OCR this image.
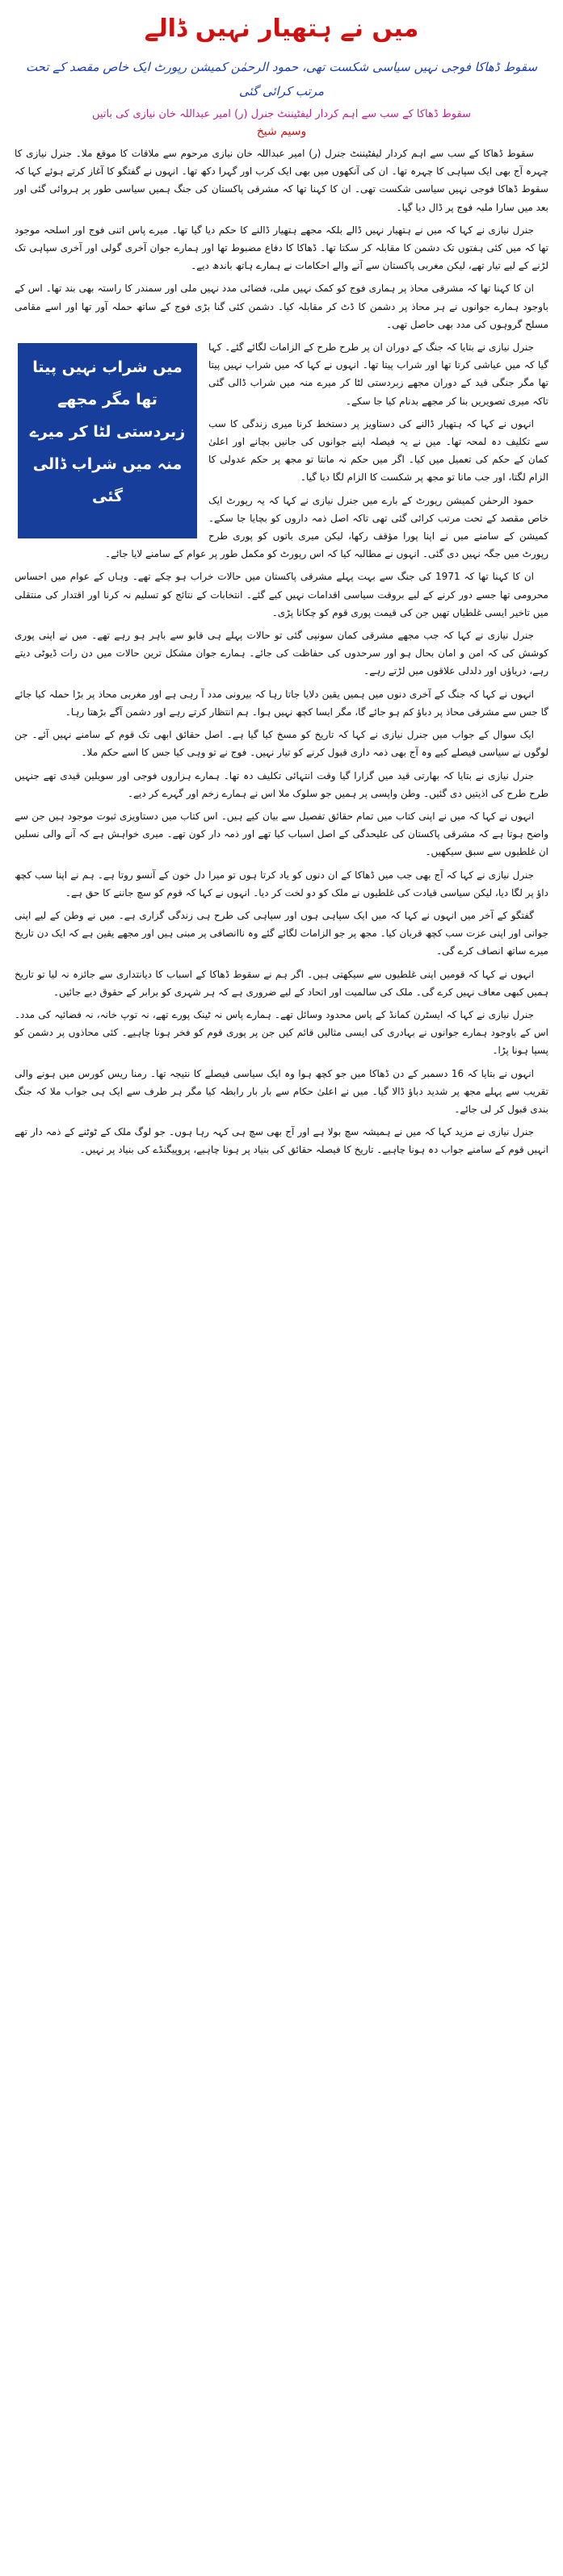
میں نے ہتھیار نہیں ڈالے
سقوط ڈھاکا فوجی نہیں سیاسی شکست تھی، حمود الرحمٰن کمیشن رپورٹ ایک خاص مقصد کے تحت مرتب کرائی گئی
سقوط ڈھاکا کے سب سے اہم کردار لیفٹیننٹ جنرل (ر) امیر عبداللہ خان نیازی کی باتیں
وسیم شیخ

سقوط ڈھاکا کے سب سے اہم کردار لیفٹیننٹ جنرل (ر) امیر عبداللہ خان نیازی مرحوم سے ملاقات کا موقع ملا۔ جنرل نیازی کا چہرہ آج بھی ایک سپاہی کا چہرہ تھا۔ ان کی آنکھوں میں بھی ایک کرب اور گہرا دکھ تھا۔ انہوں نے گفتگو کا آغاز کرتے ہوئے کہا کہ سقوط ڈھاکا فوجی نہیں سیاسی شکست تھی۔ ان کا کہنا تھا کہ مشرقی پاکستان کی جنگ ہمیں سیاسی طور پر ہروائی گئی اور بعد میں سارا ملبہ فوج پر ڈال دیا گیا۔

جنرل نیازی نے کہا کہ میں نے ہتھیار نہیں ڈالے بلکہ مجھے ہتھیار ڈالنے کا حکم دیا گیا تھا۔ میرے پاس اتنی فوج اور اسلحہ موجود تھا کہ میں کئی ہفتوں تک دشمن کا مقابلہ کر سکتا تھا۔ ڈھاکا کا دفاع مضبوط تھا اور ہمارے جوان آخری گولی اور آخری سپاہی تک لڑنے کے لیے تیار تھے، لیکن مغربی پاکستان سے آنے والے احکامات نے ہمارے ہاتھ باندھ دیے۔

ان کا کہنا تھا کہ مشرقی محاذ پر ہماری فوج کو کمک نہیں ملی، فضائی مدد نہیں ملی اور سمندر کا راستہ بھی بند تھا۔ اس کے باوجود ہمارے جوانوں نے ہر محاذ پر دشمن کا ڈٹ کر مقابلہ کیا۔ دشمن کئی گنا بڑی فوج کے ساتھ حملہ آور تھا اور اسے مقامی مسلح گروہوں کی مدد بھی حاصل تھی۔

میں شراب نہیں پیتا تھا مگر مجھے زبردستی لٹا کر میرے منہ میں شراب ڈالی گئی

جنرل نیازی نے بتایا کہ جنگ کے دوران ان پر طرح طرح کے الزامات لگائے گئے۔ کہا گیا کہ میں عیاشی کرتا تھا اور شراب پیتا تھا۔ انہوں نے کہا کہ میں شراب نہیں پیتا تھا مگر جنگی قید کے دوران مجھے زبردستی لٹا کر میرے منہ میں شراب ڈالی گئی تاکہ میری تصویریں بنا کر مجھے بدنام کیا جا سکے۔

انہوں نے کہا کہ ہتھیار ڈالنے کی دستاویز پر دستخط کرنا میری زندگی کا سب سے تکلیف دہ لمحہ تھا۔ میں نے یہ فیصلہ اپنے جوانوں کی جانیں بچانے اور اعلیٰ کمان کے حکم کی تعمیل میں کیا۔ اگر میں حکم نہ مانتا تو مجھ پر حکم عدولی کا الزام لگتا، اور جب مانا تو مجھ پر شکست کا الزام لگا دیا گیا۔

حمود الرحمٰن کمیشن رپورٹ کے بارے میں جنرل نیازی نے کہا کہ یہ رپورٹ ایک خاص مقصد کے تحت مرتب کرائی گئی تھی تاکہ اصل ذمہ داروں کو بچایا جا سکے۔ کمیشن کے سامنے میں نے اپنا پورا مؤقف رکھا، لیکن میری باتوں کو پوری طرح رپورٹ میں جگہ نہیں دی گئی۔ انہوں نے مطالبہ کیا کہ اس رپورٹ کو مکمل طور پر عوام کے سامنے لایا جائے۔

ان کا کہنا تھا کہ 1971 کی جنگ سے بہت پہلے مشرقی پاکستان میں حالات خراب ہو چکے تھے۔ وہاں کے عوام میں احساس محرومی تھا جسے دور کرنے کے لیے بروقت سیاسی اقدامات نہیں کیے گئے۔ انتخابات کے نتائج کو تسلیم نہ کرنا اور اقتدار کی منتقلی میں تاخیر ایسی غلطیاں تھیں جن کی قیمت پوری قوم کو چکانا پڑی۔

جنرل نیازی نے کہا کہ جب مجھے مشرقی کمان سونپی گئی تو حالات پہلے ہی قابو سے باہر ہو رہے تھے۔ میں نے اپنی پوری کوشش کی کہ امن و امان بحال ہو اور سرحدوں کی حفاظت کی جائے۔ ہمارے جوان مشکل ترین حالات میں دن رات ڈیوٹی دیتے رہے، دریاؤں اور دلدلی علاقوں میں لڑتے رہے۔

انہوں نے کہا کہ جنگ کے آخری دنوں میں ہمیں یقین دلایا جاتا رہا کہ بیرونی مدد آ رہی ہے اور مغربی محاذ پر بڑا حملہ کیا جائے گا جس سے مشرقی محاذ پر دباؤ کم ہو جائے گا، مگر ایسا کچھ نہیں ہوا۔ ہم انتظار کرتے رہے اور دشمن آگے بڑھتا رہا۔

ایک سوال کے جواب میں جنرل نیازی نے کہا کہ تاریخ کو مسخ کیا گیا ہے۔ اصل حقائق ابھی تک قوم کے سامنے نہیں آئے۔ جن لوگوں نے سیاسی فیصلے کیے وہ آج بھی ذمہ داری قبول کرنے کو تیار نہیں۔ فوج نے تو وہی کیا جس کا اسے حکم ملا۔

جنرل نیازی نے بتایا کہ بھارتی قید میں گزارا گیا وقت انتہائی تکلیف دہ تھا۔ ہمارے ہزاروں فوجی اور سویلین قیدی تھے جنہیں طرح طرح کی اذیتیں دی گئیں۔ وطن واپسی پر ہمیں جو سلوک ملا اس نے ہمارے زخم اور گہرے کر دیے۔

انہوں نے کہا کہ میں نے اپنی کتاب میں تمام حقائق تفصیل سے بیان کیے ہیں۔ اس کتاب میں دستاویزی ثبوت موجود ہیں جن سے واضح ہوتا ہے کہ مشرقی پاکستان کی علیحدگی کے اصل اسباب کیا تھے اور ذمہ دار کون تھے۔ میری خواہش ہے کہ آنے والی نسلیں ان غلطیوں سے سبق سیکھیں۔

جنرل نیازی نے کہا کہ آج بھی جب میں ڈھاکا کے ان دنوں کو یاد کرتا ہوں تو میرا دل خون کے آنسو روتا ہے۔ ہم نے اپنا سب کچھ داؤ پر لگا دیا، لیکن سیاسی قیادت کی غلطیوں نے ملک کو دو لخت کر دیا۔ انہوں نے کہا کہ قوم کو سچ جاننے کا حق ہے۔

گفتگو کے آخر میں انہوں نے کہا کہ میں ایک سپاہی ہوں اور سپاہی کی طرح ہی زندگی گزاری ہے۔ میں نے وطن کے لیے اپنی جوانی اور اپنی عزت سب کچھ قربان کیا۔ مجھ پر جو الزامات لگائے گئے وہ ناانصافی پر مبنی ہیں اور مجھے یقین ہے کہ ایک دن تاریخ میرے ساتھ انصاف کرے گی۔

انہوں نے کہا کہ قومیں اپنی غلطیوں سے سیکھتی ہیں۔ اگر ہم نے سقوط ڈھاکا کے اسباب کا دیانتداری سے جائزہ نہ لیا تو تاریخ ہمیں کبھی معاف نہیں کرے گی۔ ملک کی سالمیت اور اتحاد کے لیے ضروری ہے کہ ہر شہری کو برابر کے حقوق دیے جائیں۔

جنرل نیازی نے کہا کہ ایسٹرن کمانڈ کے پاس محدود وسائل تھے۔ ہمارے پاس نہ ٹینک پورے تھے، نہ توپ خانہ، نہ فضائیہ کی مدد۔ اس کے باوجود ہمارے جوانوں نے بہادری کی ایسی مثالیں قائم کیں جن پر پوری قوم کو فخر ہونا چاہیے۔ کئی محاذوں پر دشمن کو پسپا ہونا پڑا۔

انہوں نے بتایا کہ 16 دسمبر کے دن ڈھاکا میں جو کچھ ہوا وہ ایک سیاسی فیصلے کا نتیجہ تھا۔ رمنا ریس کورس میں ہونے والی تقریب سے پہلے مجھ پر شدید دباؤ ڈالا گیا۔ میں نے اعلیٰ حکام سے بار بار رابطہ کیا مگر ہر طرف سے ایک ہی جواب ملا کہ جنگ بندی قبول کر لی جائے۔

جنرل نیازی نے مزید کہا کہ میں نے ہمیشہ سچ بولا ہے اور آج بھی سچ ہی کہہ رہا ہوں۔ جو لوگ ملک کے ٹوٹنے کے ذمہ دار تھے انہیں قوم کے سامنے جواب دہ ہونا چاہیے۔ تاریخ کا فیصلہ حقائق کی بنیاد پر ہونا چاہیے، پروپیگنڈے کی بنیاد پر نہیں۔
